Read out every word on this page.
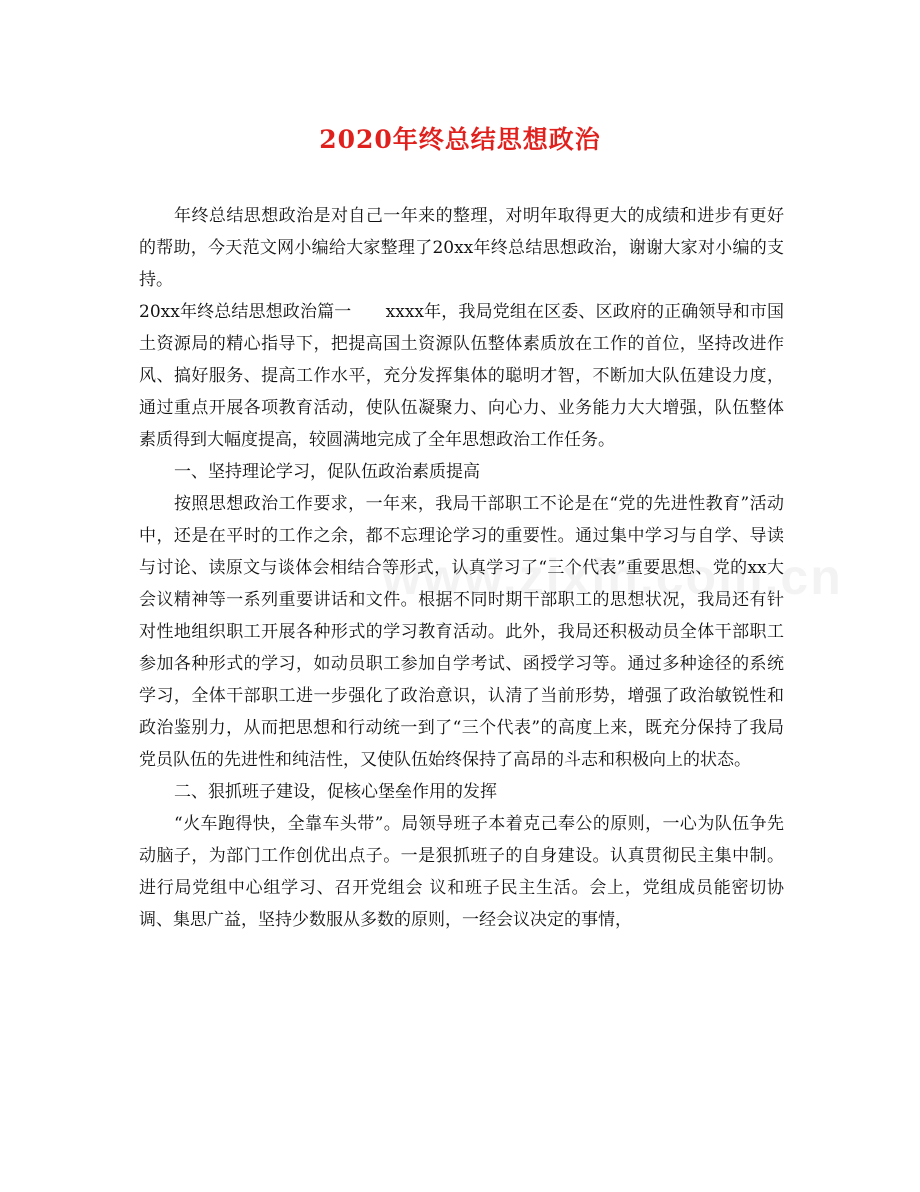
2020年终总结思想政治

年终总结思想政治是对自己一年来的整理，对明年取得更大的成绩和进步有更好的帮助，今天范文网小编给大家整理了20xx年终总结思想政治，谢谢大家对小编的支持。

20xx年终总结思想政治篇一　　xxxx年，我局党组在区委、区政府的正确领导和市国土资源局的精心指导下，把提高国土资源队伍整体素质放在工作的首位，坚持改进作风、搞好服务、提高工作水平，充分发挥集体的聪明才智，不断加大队伍建设力度，通过重点开展各项教育活动，使队伍凝聚力、向心力、业务能力大大增强，队伍整体素质得到大幅度提高，较圆满地完成了全年思想政治工作任务。

一、坚持理论学习，促队伍政治素质提高

按照思想政治工作要求，一年来，我局干部职工不论是在“党的先进性教育”活动中，还是在平时的工作之余，都不忘理论学习的重要性。通过集中学习与自学、导读与讨论、读原文与谈体会相结合等形式，认真学习了“三个代表”重要思想、党的xx大会议精神等一系列重要讲话和文件。根据不同时期干部职工的思想状况，我局还有针对性地组织职工开展各种形式的学习教育活动。此外，我局还积极动员全体干部职工参加各种形式的学习，如动员职工参加自学考试、函授学习等。通过多种途径的系统学习，全体干部职工进一步强化了政治意识，认清了当前形势，增强了政治敏锐性和政治鉴别力，从而把思想和行动统一到了“三个代表”的高度上来，既充分保持了我局党员队伍的先进性和纯洁性，又使队伍始终保持了高昂的斗志和积极向上的状态。

二、狠抓班子建设，促核心堡垒作用的发挥

“火车跑得快，全靠车头带”。局领导班子本着克己奉公的原则，一心为队伍争先动脑子，为部门工作创优出点子。一是狠抓班子的自身建设。认真贯彻民主集中制。进行局党组中心组学习、召开党组会 议和班子民主生活。会上，党组成员能密切协调、集思广益，坚持少数服从多数的原则，一经会议决定的事情，
